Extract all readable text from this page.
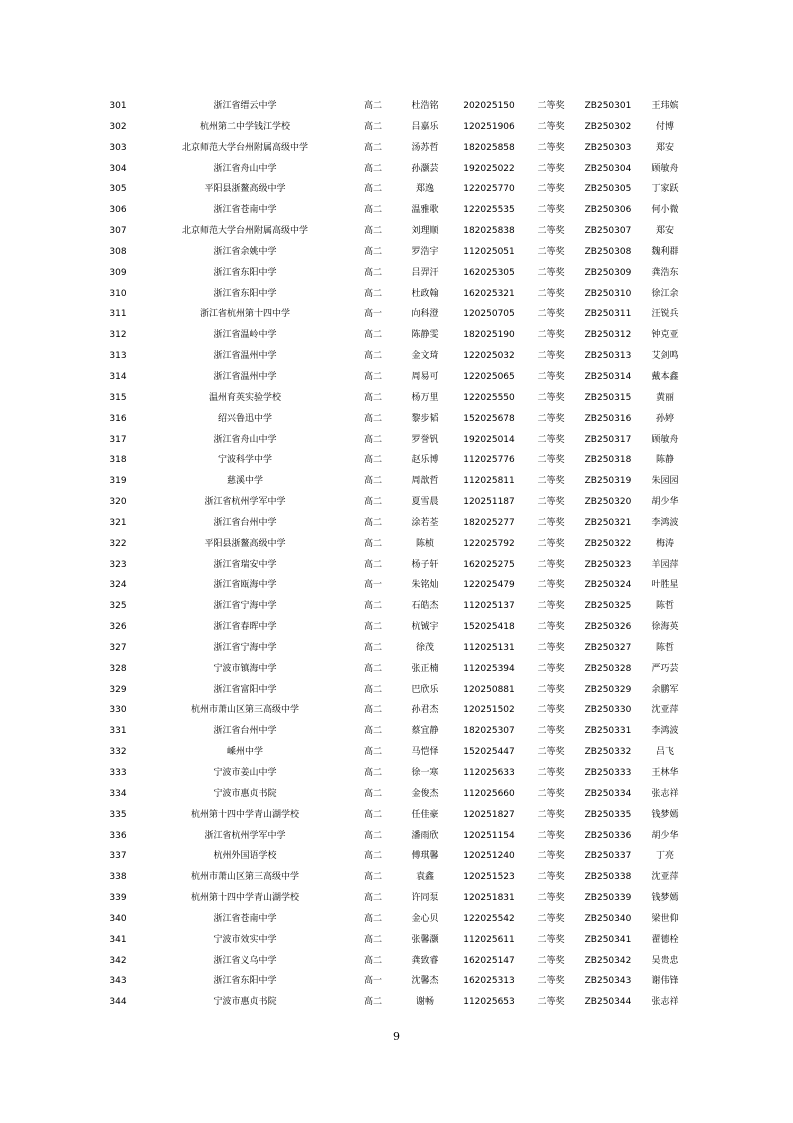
301	浙江省缙云中学	高二	杜浩铭	202025150	二等奖	ZB250301	王玮嫔
302	杭州第二中学钱江学校	高二	吕嘉乐	120251906	二等奖	ZB250302	付博
303	北京师范大学台州附属高级中学	高二	汤苏哲	182025858	二等奖	ZB250303	郑安
304	浙江省舟山中学	高二	孙灏芸	192025022	二等奖	ZB250304	顾敏舟
305	平阳县浙鳌高级中学	高二	郑逸	122025770	二等奖	ZB250305	丁家跃
306	浙江省苍南中学	高二	温雅歌	122025535	二等奖	ZB250306	何小微
307	北京师范大学台州附属高级中学	高二	刘理顺	182025838	二等奖	ZB250307	郑安
308	浙江省余姚中学	高二	罗浩宇	112025051	二等奖	ZB250308	魏利群
309	浙江省东阳中学	高二	吕羿汗	162025305	二等奖	ZB250309	龚浩东
310	浙江省东阳中学	高二	杜政翰	162025321	二等奖	ZB250310	徐江余
311	浙江省杭州第十四中学	高一	向科澄	120250705	二等奖	ZB250311	汪锐兵
312	浙江省温岭中学	高二	陈静雯	182025190	二等奖	ZB250312	钟克亚
313	浙江省温州中学	高二	金文琦	122025032	二等奖	ZB250313	艾剑鸣
314	浙江省温州中学	高二	周易可	122025065	二等奖	ZB250314	戴本鑫
315	温州育英实验学校	高二	杨万里	122025550	二等奖	ZB250315	黄丽
316	绍兴鲁迅中学	高二	黎步韬	152025678	二等奖	ZB250316	孙婷
317	浙江省舟山中学	高二	罗誉钒	192025014	二等奖	ZB250317	顾敏舟
318	宁波科学中学	高二	赵乐博	112025776	二等奖	ZB250318	陈静
319	慈溪中学	高二	周歆哲	112025811	二等奖	ZB250319	朱园园
320	浙江省杭州学军中学	高二	夏雪晨	120251187	二等奖	ZB250320	胡少华
321	浙江省台州中学	高二	涂若荃	182025277	二等奖	ZB250321	李鸿波
322	平阳县浙鳌高级中学	高二	陈桢	122025792	二等奖	ZB250322	梅涛
323	浙江省瑞安中学	高二	杨子轩	162025275	二等奖	ZB250323	羊园萍
324	浙江省瓯海中学	高一	朱铭灿	122025479	二等奖	ZB250324	叶胜星
325	浙江省宁海中学	高二	石皓杰	112025137	二等奖	ZB250325	陈哲
326	浙江省春晖中学	高二	杭铖宇	152025418	二等奖	ZB250326	徐海英
327	浙江省宁海中学	高二	徐茂	112025131	二等奖	ZB250327	陈哲
328	宁波市镇海中学	高二	张正楠	112025394	二等奖	ZB250328	严巧芸
329	浙江省富阳中学	高二	巴欣乐	120250881	二等奖	ZB250329	余鹏军
330	杭州市萧山区第三高级中学	高二	孙君杰	120251502	二等奖	ZB250330	沈亚萍
331	浙江省台州中学	高二	蔡宜静	182025307	二等奖	ZB250331	李鸿波
332	嵊州中学	高二	马恺怿	152025447	二等奖	ZB250332	吕飞
333	宁波市姜山中学	高二	徐一寒	112025633	二等奖	ZB250333	王林华
334	宁波市惠贞书院	高二	金俊杰	112025660	二等奖	ZB250334	张志祥
335	杭州第十四中学青山湖学校	高二	任佳豪	120251827	二等奖	ZB250335	钱梦嫣
336	浙江省杭州学军中学	高二	潘雨欣	120251154	二等奖	ZB250336	胡少华
337	杭州外国语学校	高二	傅琪馨	120251240	二等奖	ZB250337	丁亮
338	杭州市萧山区第三高级中学	高二	袁鑫	120251523	二等奖	ZB250338	沈亚萍
339	杭州第十四中学青山湖学校	高二	许同泵	120251831	二等奖	ZB250339	钱梦嫣
340	浙江省苍南中学	高二	金心贝	122025542	二等奖	ZB250340	梁世仰
341	宁波市效实中学	高二	张馨灏	112025611	二等奖	ZB250341	翟德栓
342	浙江省义乌中学	高二	龚致睿	162025147	二等奖	ZB250342	吴贵忠
343	浙江省东阳中学	高一	沈馨杰	162025313	二等奖	ZB250343	谢伟锋
344	宁波市惠贞书院	高二	谢畅	112025653	二等奖	ZB250344	张志祥
9
